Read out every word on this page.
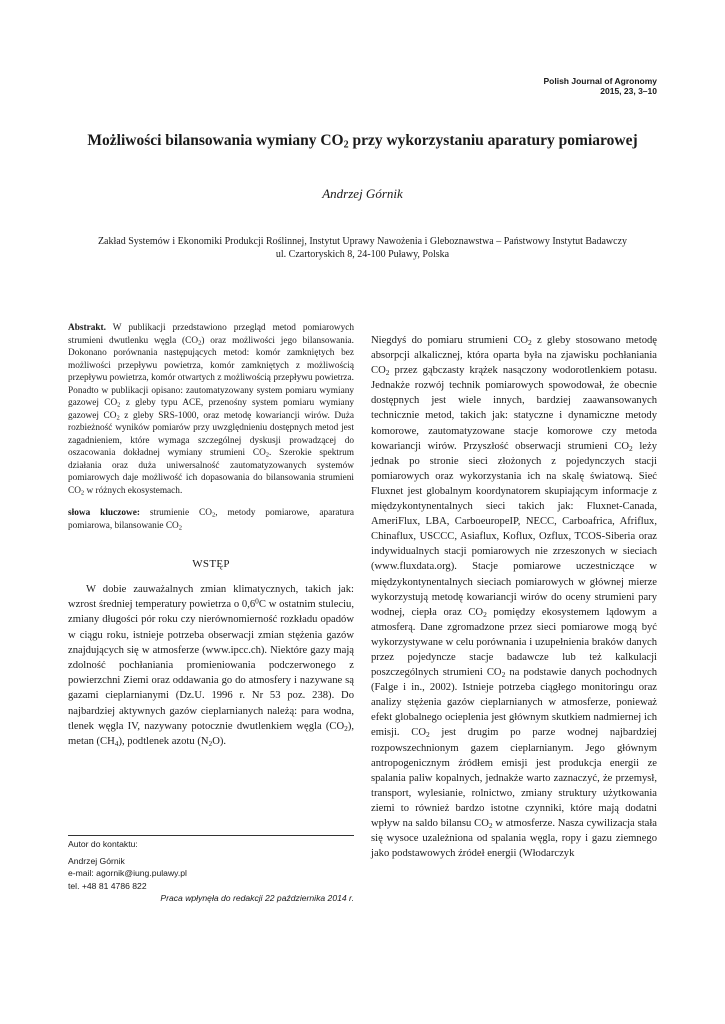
Polish Journal of Agronomy
2015, 23, 3–10
Możliwości bilansowania wymiany $CO_2$ przy wykorzystaniu aparatury pomiarowej
Andrzej Górnik
Zakład Systemów i Ekonomiki Produkcji Roślinnej, Instytut Uprawy Nawożenia i Gleboznawstwa – Państwowy Instytut Badawczy
ul. Czartoryskich 8, 24-100 Puławy, Polska

Abstrakt. W publikacji przedstawiono przegląd metod pomiarowych strumieni dwutlenku węgla $(CO_2)$ oraz możliwości jego bilansowania. Dokonano porównania następujących metod: komór zamkniętych bez możliwości przepływu powietrza, komór zamkniętych z możliwością przepływu powietrza, komór otwartych z możliwością przepływu powietrza. Ponadto w publikacji opisano: zautomatyzowany system pomiaru wymiany gazowej $CO_2$ z gleby typu ACE, przenośny system pomiaru wymiany gazowej $CO_2$ z gleby SRS-1000, oraz metodę kowariancji wirów. Duża rozbieżność wyników pomiarów przy uwzględnieniu dostępnych metod jest zagadnieniem, które wymaga szczególnej dyskusji prowadzącej do oszacowania dokładnej wymiany strumieni $CO_2$. Szerokie spektrum działania oraz duża uniwersalność zautomatyzowanych systemów pomiarowych daje możliwość ich dopasowania do bilansowania strumieni $CO_2$ w różnych ekosystemach.

słowa kluczowe: strumienie $CO_2$, metody pomiarowe, aparatura pomiarowa, bilansowanie $CO_2$

WSTĘP

W dobie zauważalnych zmian klimatycznych, takich jak: wzrost średniej temperatury powietrza o $0,6^0C$ w ostatnim stuleciu, zmiany długości pór roku czy nierównomierność rozkładu opadów w ciągu roku, istnieje potrzeba obserwacji zmian stężenia gazów znajdujących się w atmosferze (www.ipcc.ch). Niektóre gazy mają zdolność pochłaniania promieniowania podczerwonego z powierzchni Ziemi oraz oddawania go do atmosfery i nazywane są gazami cieplarnianymi (Dz.U. 1996 r. Nr 53 poz. 238). Do najbardziej aktywnych gazów cieplarnianych należą: para wodna, tlenek węgla IV, nazywany potocznie dwutlenkiem węgla $(CO_2)$, metan $(CH_4)$, podtlenek azotu $(N_2O)$.

Autor do kontaktu:
Andrzej Górnik
e-mail: agornik@iung.pulawy.pl
tel. +48 81 4786 822
Praca wpłynęła do redakcji 22 października 2014 r.

Niegdyś do pomiaru strumieni $CO_2$ z gleby stosowano metodę absorpcji alkalicznej, która oparta była na zjawisku pochłaniania $CO_2$ przez gąbczasty krążek nasączony wodorotlenkiem potasu. Jednakże rozwój technik pomiarowych spowodował, że obecnie dostępnych jest wiele innych, bardziej zaawansowanych technicznie metod, takich jak: statyczne i dynamiczne metody komorowe, zautomatyzowane stacje komorowe czy metoda kowariancji wirów. Przyszłość obserwacji strumieni $CO_2$ leży jednak po stronie sieci złożonych z pojedynczych stacji pomiarowych oraz wykorzystania ich na skalę światową. Sieć Fluxnet jest globalnym koordynatorem skupiającym informacje z międzykontynentalnych sieci takich jak: Fluxnet-Canada, AmeriFlux, LBA, CarboeuropeIP, NECC, Carboafrica, Afriflux, Chinaflux, USCCC, Asiaflux, Koflux, Ozflux, TCOS-Siberia oraz indywidualnych stacji pomiarowych nie zrzeszonych w sieciach (www.fluxdata.org). Stacje pomiarowe uczestniczące w międzykontynentalnych sieciach pomiarowych w głównej mierze wykorzystują metodę kowariancji wirów do oceny strumieni pary wodnej, ciepła oraz $CO_2$ pomiędzy ekosystemem lądowym a atmosferą. Dane zgromadzone przez sieci pomiarowe mogą być wykorzystywane w celu porównania i uzupełnienia braków danych przez pojedyncze stacje badawcze lub też kalkulacji poszczególnych strumieni $CO_2$ na podstawie danych pochodnych (Falge i in., 2002). Istnieje potrzeba ciągłego monitoringu oraz analizy stężenia gazów cieplarnianych w atmosferze, ponieważ efekt globalnego ocieplenia jest głównym skutkiem nadmiernej ich emisji. $CO_2$ jest drugim po parze wodnej najbardziej rozpowszechnionym gazem cieplarnianym. Jego głównym antropogenicznym źródłem emisji jest produkcja energii ze spalania paliw kopalnych, jednakże warto zaznaczyć, że przemysł, transport, wylesianie, rolnictwo, zmiany struktury użytkowania ziemi to również bardzo istotne czynniki, które mają dodatni wpływ na saldo bilansu $CO_2$ w atmosferze. Nasza cywilizacja stała się wysoce uzależniona od spalania węgla, ropy i gazu ziemnego jako podstawowych źródeł energii (Włodarczyk
